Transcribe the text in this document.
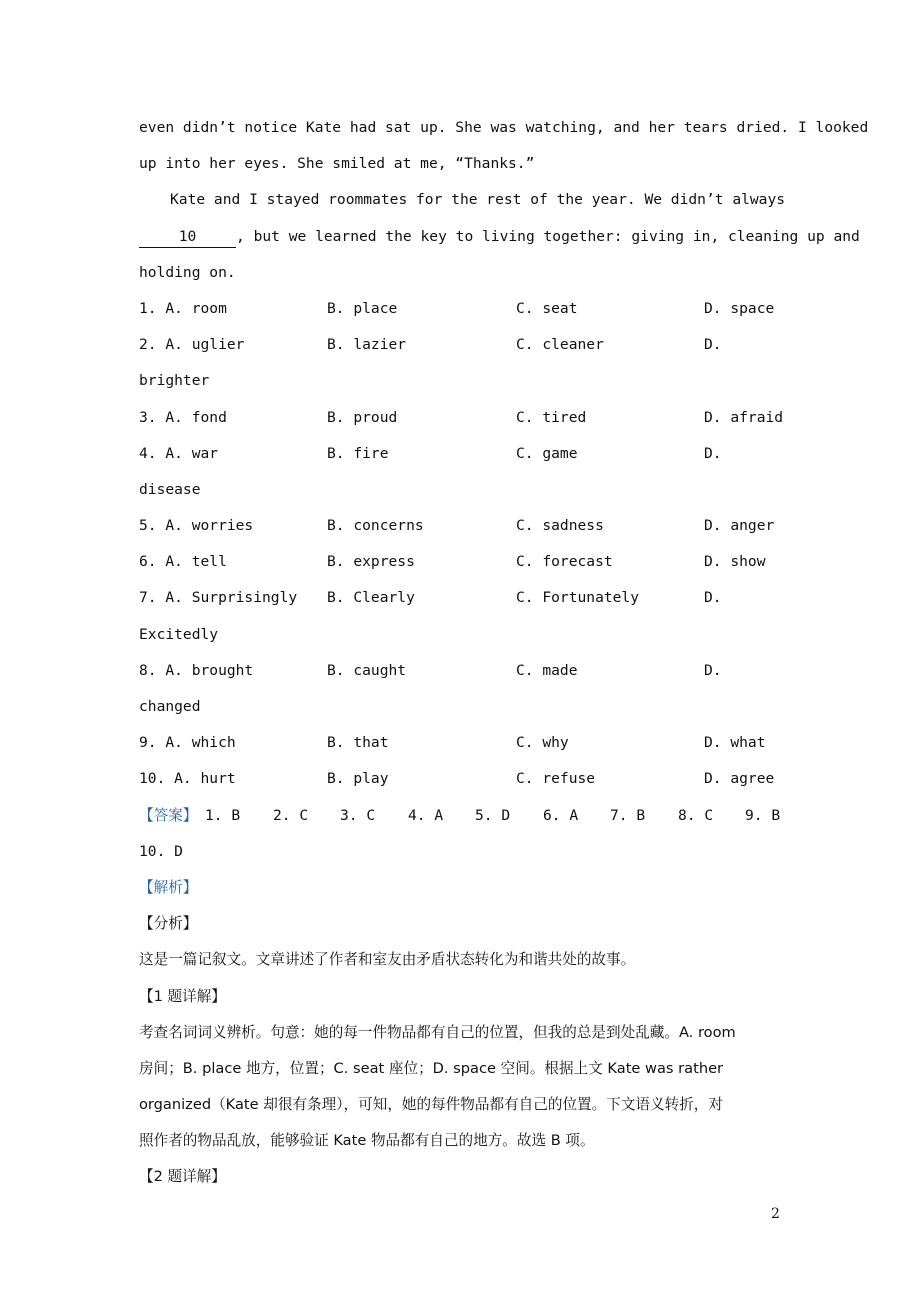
even didn’t notice Kate had sat up. She was watching, and her tears dried. I looked
up into her eyes. She smiled at me, “Thanks.”
Kate and I stayed roommates for the rest of the year. We didn’t always
10	, but we learned the key to living together: giving in, cleaning up and
holding on.
1. A. room	B. place	C. seat	D. space
2. A. uglier	B. lazier	C. cleaner	D.
brighter
3. A. fond	B. proud	C. tired	D. afraid
4. A. war	B. fire	C. game	D.
disease
5. A. worries	B. concerns	C. sadness	D. anger
6. A. tell	B. express	C. forecast	D. show
7. A. Surprisingly B. Clearly	C. Fortunately	D.
Excitedly
8. A. brought	B. caught	C. made	D.
changed
9. A. which	B. that	C. why	D. what
10. A. hurt	B. play	C. refuse	D. agree
【答案】 1. B 2. C 3. C 4. A 5. D 6. A 7. B 8. C 9. B
10. D
【解析】
【分析】
这是一篇记叙文。文章讲述了作者和室友由矛盾状态转化为和谐共处的故事。
【1 题详解】
考查名词词义辨析。句意：她的每一件物品都有自己的位置，但我的总是到处乱藏。A. room
房间；B. place 地方，位置；C. seat 座位；D. space 空间。根据上文 Kate was rather
organized（Kate 却很有条理），可知，她的每件物品都有自己的位置。下文语义转折，对
照作者的物品乱放，能够验证 Kate 物品都有自己的地方。故选 B 项。
【2 题详解】
2
